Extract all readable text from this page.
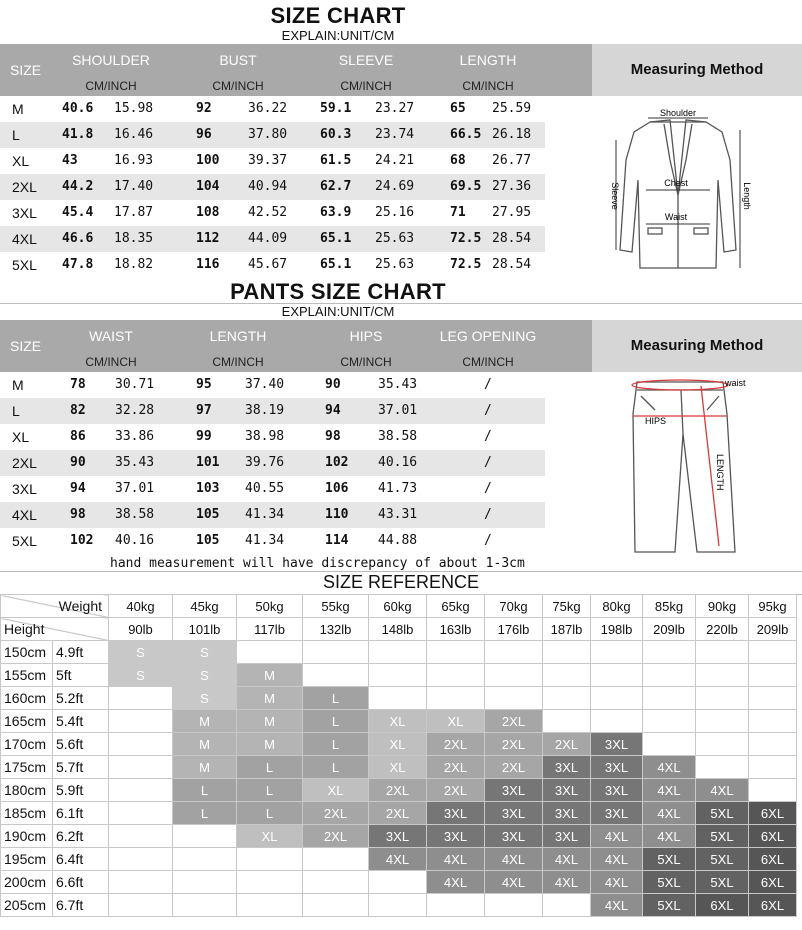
SIZE CHART
EXPLAIN:UNIT/CM
SIZE
SHOULDER	BUST	SLEEVE	LENGTH
CM/INCH	CM/INCH	CM/INCH	CM/INCH
Measuring Method
M	40.6 15.98	92	36.22	59.1 23.27	65 25.59
L	41.8 16.46	96	37.80	60.3 23.74	66.5 26.18
XL	43	16.93	100 39.37	61.5 24.21	68 26.77
2XL 44.2 17.40	104 40.94	62.7 24.69	69.5 27.36
3XL 45.4 17.87	108 42.52	63.9 25.16	71 27.95
4XL 46.6 18.35	112 44.09	65.1 25.63	72.5 28.54
5XL 47.8 18.82	116 45.67	65.1 25.63	72.5 28.54
Shoulder
Chest
Waist
Sleeve	Length
PANTS SIZE CHART
EXPLAIN:UNIT/CM
SIZE
WAIST	LENGTH	HIPS	LEG OPENING
CM/INCH	CM/INCH	CM/INCH	CM/INCH
Measuring Method
M	78 30.71	95	37.40	90	35.43	/
L	82 32.28	97	38.19	94	37.01	/
XL	86 33.86	99	38.98	98	38.58	/
2XL	90 35.43	101 39.76	102 40.16	/
3XL	94 37.01	103 40.55	106 41.73	/
4XL	98 38.58	105 41.34	110 43.31	/
5XL	102 40.16	105 41.34	114 44.88	/
waist
HIPS
LENGTH
hand measurement will have discrepancy of about 1-3cm
SIZE REFERENCE
Weight		40kg	45kg	50kg	55kg	60kg	65kg	70kg	75kg	80kg	85kg	90kg	95kg
Height		90lb	101lb	117lb	132lb	148lb	163lb	176lb	187lb	198lb	209lb	220lb	209lb
150cm	4.9ft	S	S										
155cm	5ft	S	S	M									
160cm	5.2ft		S	M	L								
165cm	5.4ft		M	M	L	XL	XL	2XL					
170cm	5.6ft		M	M	L	XL	2XL	2XL	2XL	3XL			
175cm	5.7ft		M	L	L	XL	2XL	2XL	3XL	3XL	4XL		
180cm	5.9ft		L	L	XL	2XL	2XL	3XL	3XL	3XL	4XL	4XL	
185cm	6.1ft		L	L	2XL	2XL	3XL	3XL	3XL	3XL	4XL	5XL	6XL
190cm	6.2ft			XL	2XL	3XL	3XL	3XL	3XL	4XL	4XL	5XL	6XL
195cm	6.4ft					4XL	4XL	4XL	4XL	4XL	5XL	5XL	6XL
200cm	6.6ft						4XL	4XL	4XL	4XL	5XL	5XL	6XL
205cm	6.7ft									4XL	5XL	6XL	6XL
